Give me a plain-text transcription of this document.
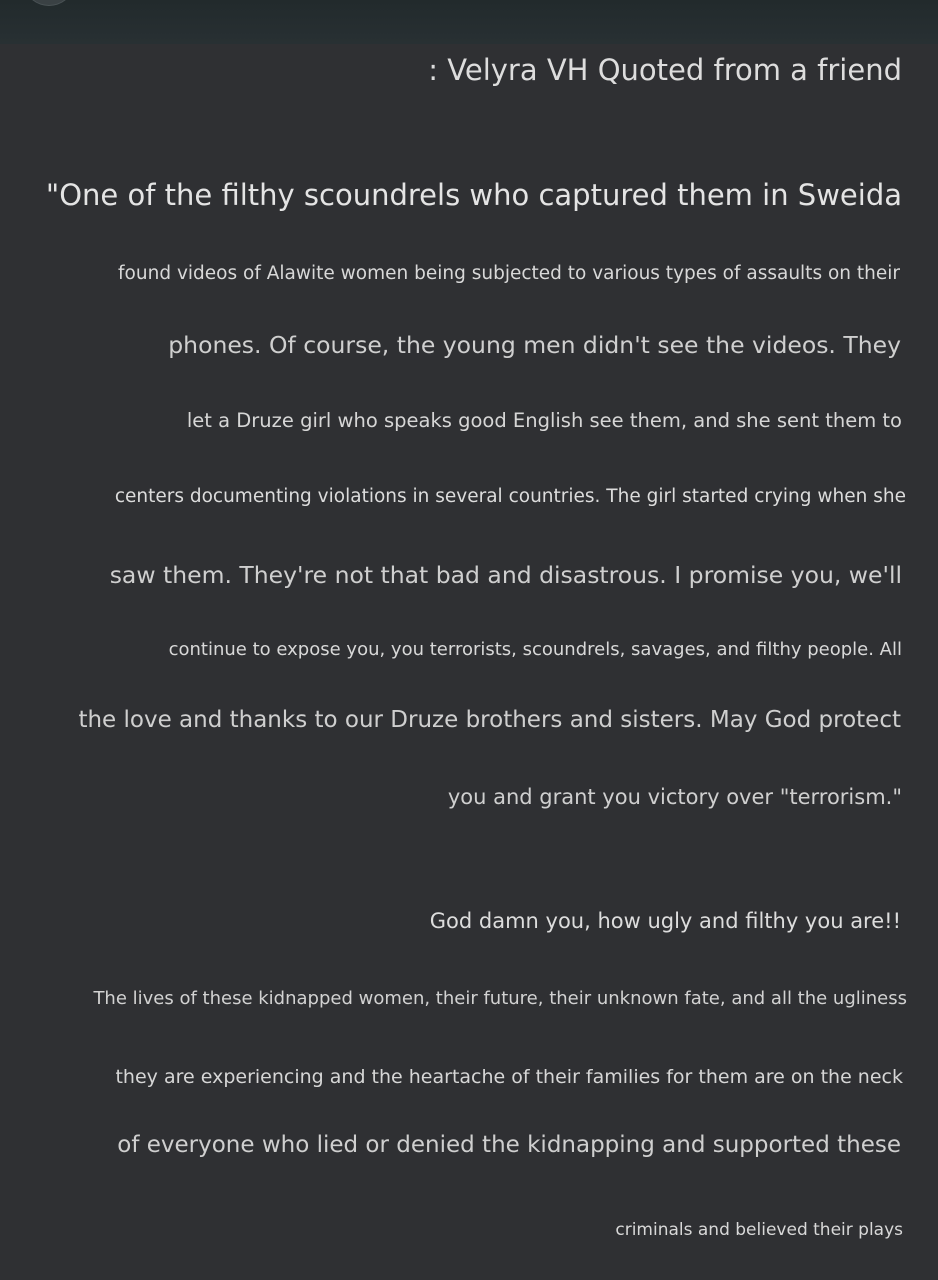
: Velyra VH Quoted from a friend
"One of the filthy scoundrels who captured them in Sweida
found videos of Alawite women being subjected to various types of assaults on their
phones. Of course, the young men didn't see the videos. They
let a Druze girl who speaks good English see them, and she sent them to
centers documenting violations in several countries. The girl started crying when she
saw them. They're not that bad and disastrous. I promise you, we'll
continue to expose you, you terrorists, scoundrels, savages, and filthy people. All
the love and thanks to our Druze brothers and sisters. May God protect
you and grant you victory over "terrorism."
God damn you, how ugly and filthy you are!!
The lives of these kidnapped women, their future, their unknown fate, and all the ugliness
they are experiencing and the heartache of their families for them are on the neck
of everyone who lied or denied the kidnapping and supported these
criminals and believed their plays
